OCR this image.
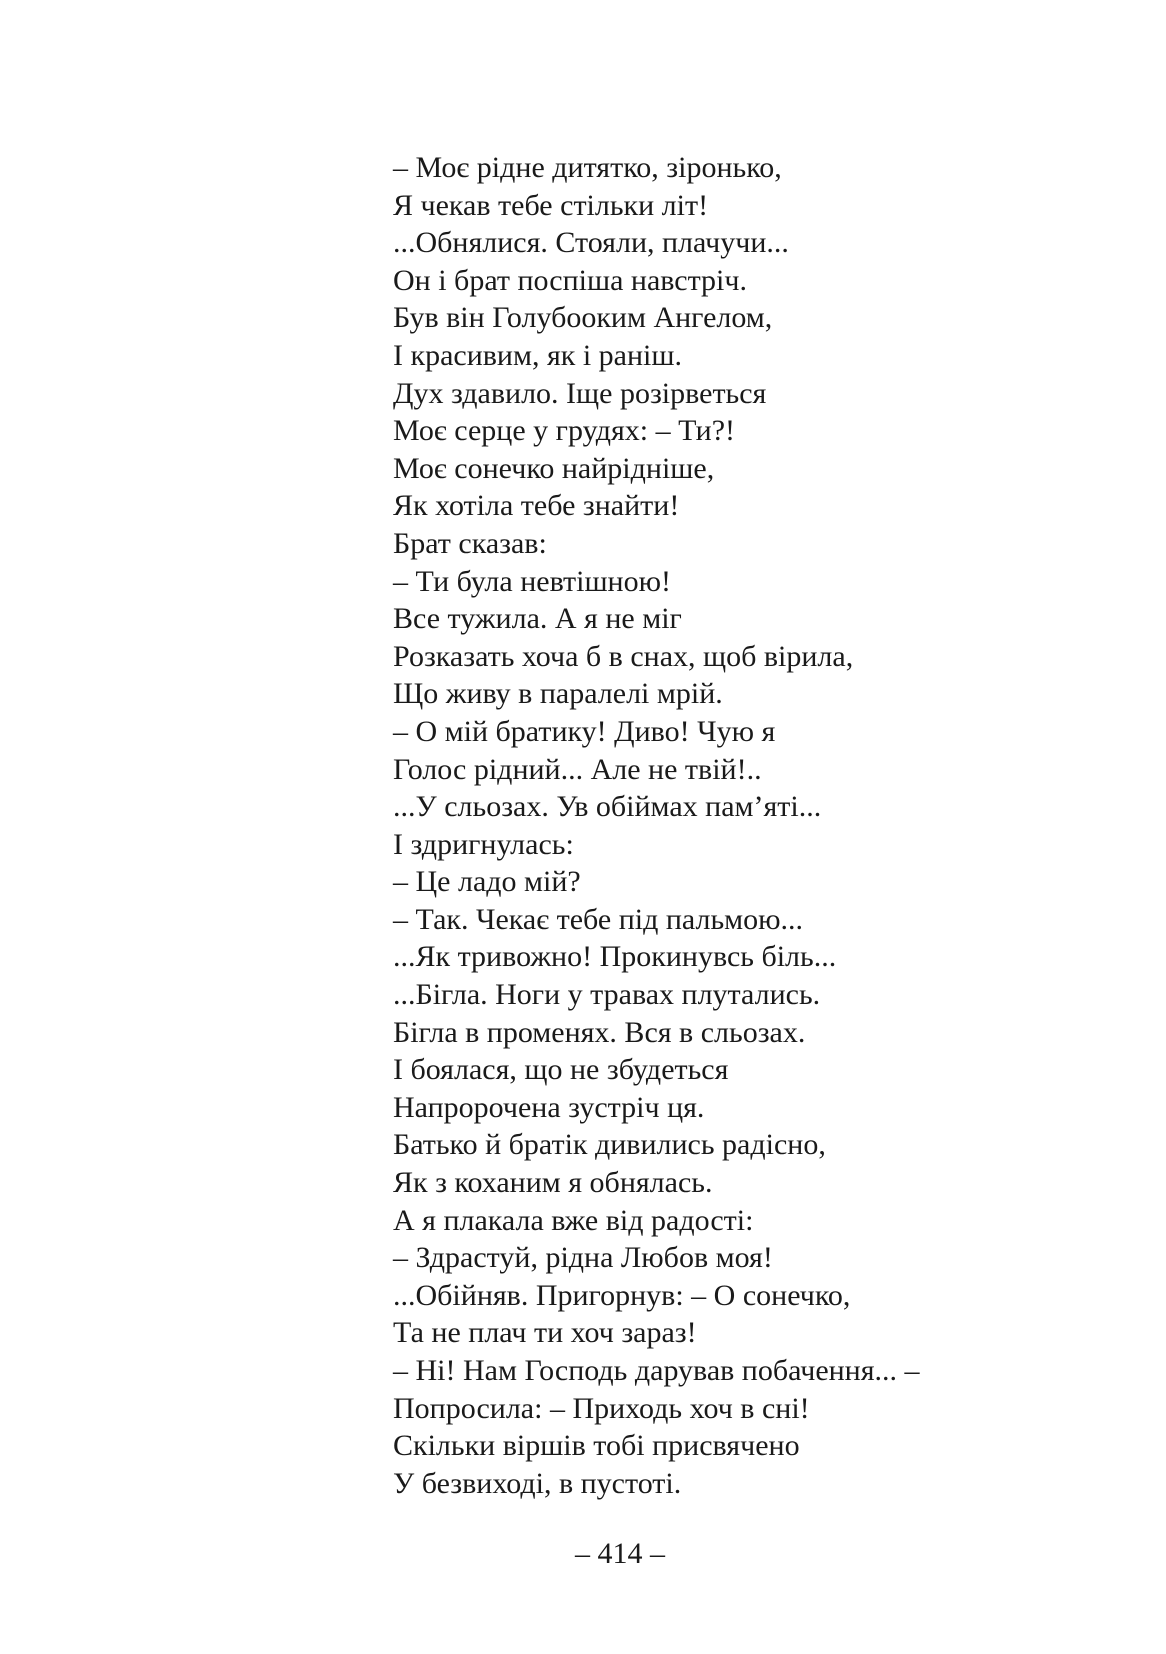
– Моє рідне дитятко, зіронько,
Я чекав тебе стільки літ!
...Обнялися. Стояли, плачучи...
Он і брат поспіша навстріч.
Був він Голубооким Ангелом,
І красивим, як і раніш.
Дух здавило. Іще розірветься
Моє серце у грудях: – Ти?!
Моє сонечко найрідніше,
Як хотіла тебе знайти!
Брат сказав:
– Ти була невтішною!
Все тужила. А я не міг
Розказать хоча б в снах, щоб вірила,
Що живу в паралелі мрій.
– О мій братику! Диво! Чую я
Голос рідний... Але не твій!..
...У сльозах. Ув обіймах пам’яті...
І здригнулась:
– Це ладо мій?
– Так. Чекає тебе під пальмою...
...Як тривожно! Прокинувсь біль...
...Бігла. Ноги у травах плутались.
Бігла в променях. Вся в сльозах.
І боялася, що не збудеться
Напророчена зустріч ця.
Батько й братік дивились радісно,
Як з коханим я обнялась.
А я плакала вже від радості:
– Здрастуй, рідна Любов моя!
...Обійняв. Пригорнув: – О сонечко,
Та не плач ти хоч зараз!
– Ні! Нам Господь дарував побачення... –
Попросила: – Приходь хоч в сні!
Скільки віршів тобі присвячено
У безвиході, в пустоті.
– 414 –
